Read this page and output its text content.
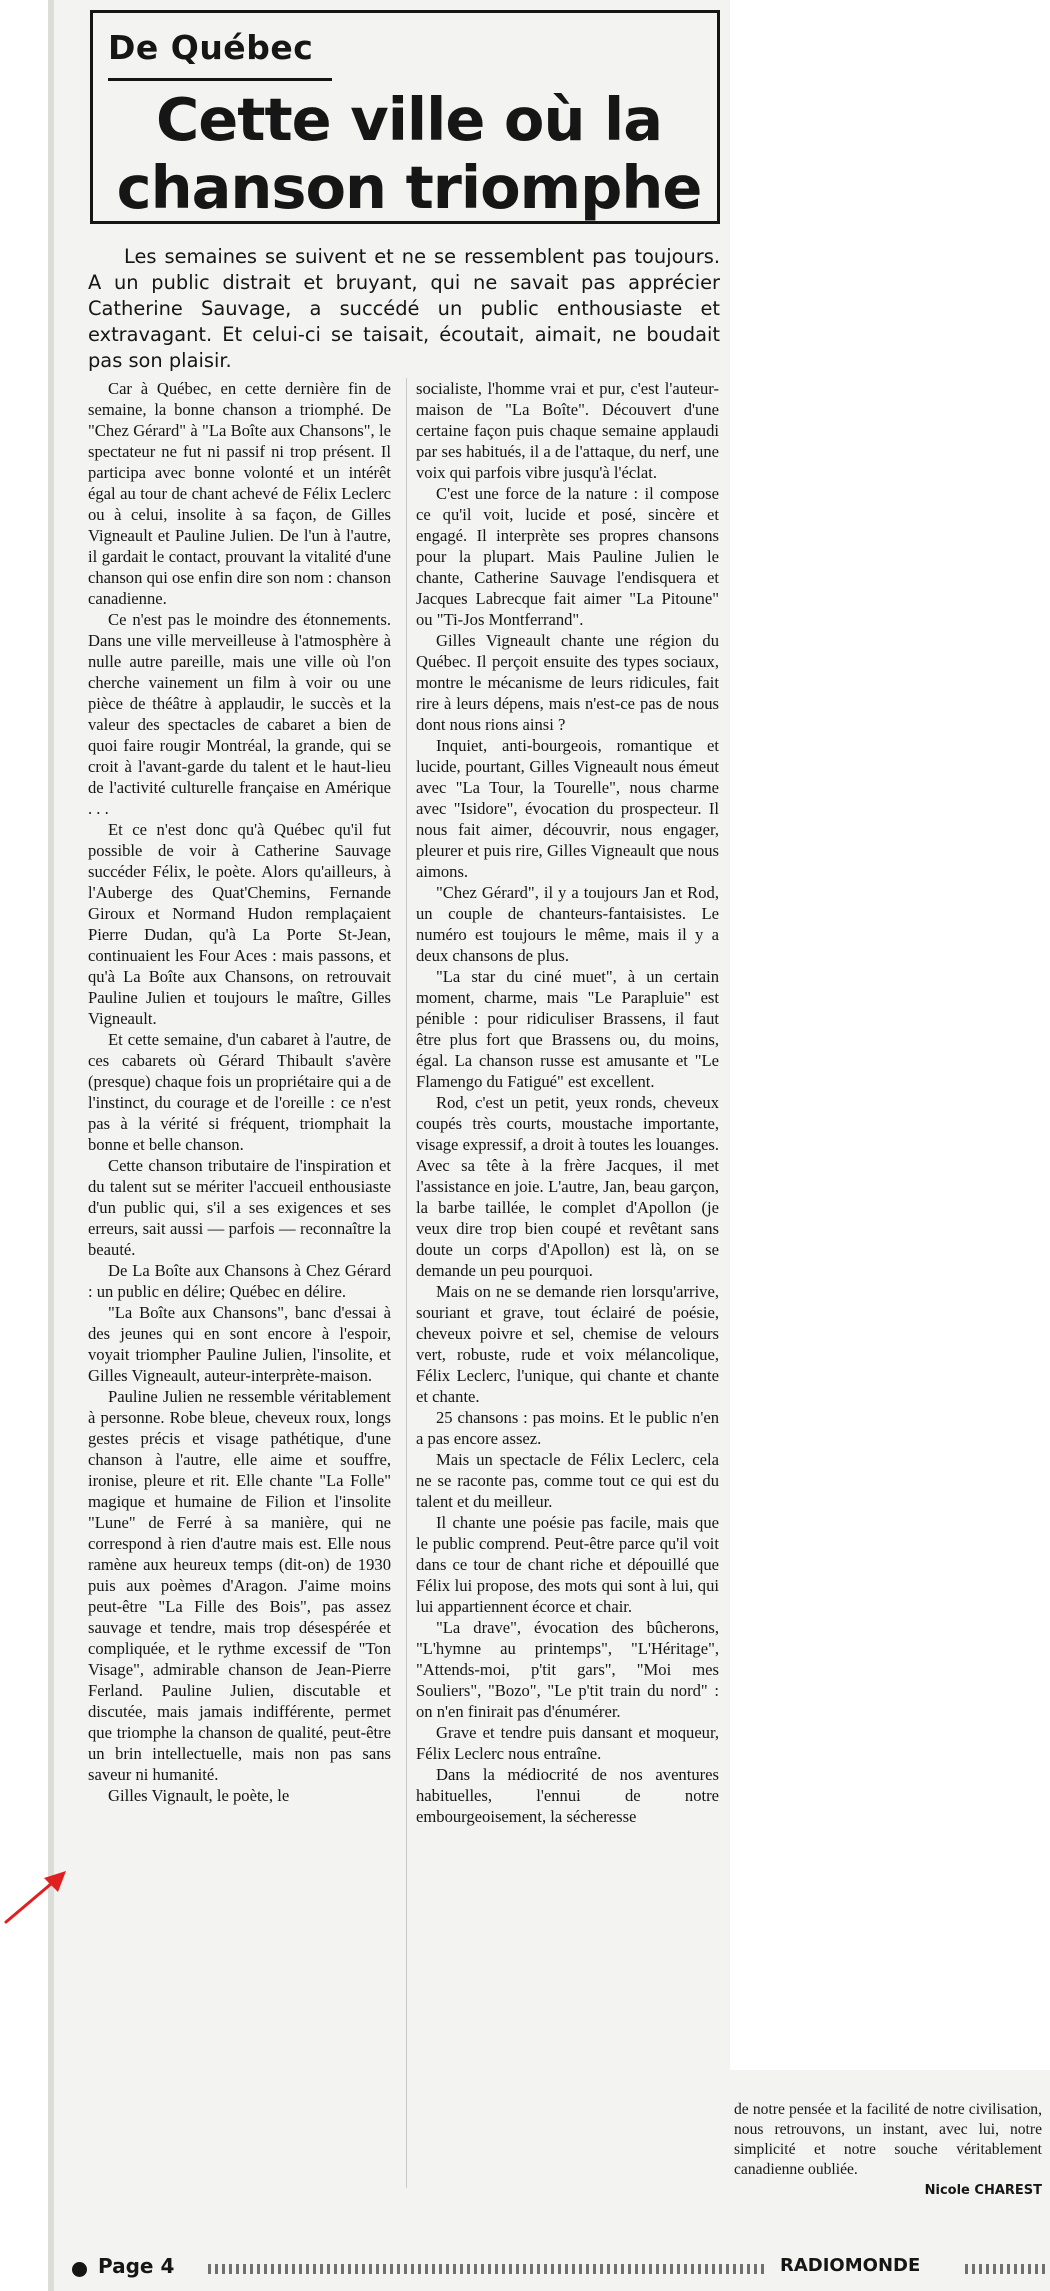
De Québec
Cette ville où la chanson triomphe

Les semaines se suivent et ne se ressemblent pas toujours. A un public distrait et bruyant, qui ne savait pas apprécier Catherine Sauvage, a succédé un public enthousiaste et extravagant. Et celui-ci se taisait, écoutait, aimait, ne boudait pas son plaisir.

Car à Québec, en cette dernière fin de semaine, la bonne chanson a triomphé. De "Chez Gérard" à "La Boîte aux Chansons", le spectateur ne fut ni passif ni trop présent. Il participa avec bonne volonté et un intérêt égal au tour de chant achevé de Félix Leclerc ou à celui, insolite à sa façon, de Gilles Vigneault et Pauline Julien. De l'un à l'autre, il gardait le contact, prouvant la vitalité d'une chanson qui ose enfin dire son nom : chanson canadienne.

Ce n'est pas le moindre des étonnements. Dans une ville merveilleuse à l'atmosphère à nulle autre pareille, mais une ville où l'on cherche vainement un film à voir ou une pièce de théâtre à applaudir, le succès et la valeur des spectacles de cabaret a bien de quoi faire rougir Montréal, la grande, qui se croit à l'avant-garde du talent et le haut-lieu de l'activité culturelle française en Amérique . . .

Et ce n'est donc qu'à Québec qu'il fut possible de voir à Catherine Sauvage succéder Félix, le poète. Alors qu'ailleurs, à l'Auberge des Quat'Chemins, Fernande Giroux et Normand Hudon remplaçaient Pierre Dudan, qu'à La Porte St-Jean, continuaient les Four Aces : mais passons, et qu'à La Boîte aux Chansons, on retrouvait Pauline Julien et toujours le maître, Gilles Vigneault.

Et cette semaine, d'un cabaret à l'autre, de ces cabarets où Gérard Thibault s'avère (presque) chaque fois un propriétaire qui a de l'instinct, du courage et de l'oreille : ce n'est pas à la vérité si fréquent, triomphait la bonne et belle chanson.

Cette chanson tributaire de l'inspiration et du talent sut se mériter l'accueil enthousiaste d'un public qui, s'il a ses exigences et ses erreurs, sait aussi — parfois — reconnaître la beauté.

De La Boîte aux Chansons à Chez Gérard : un public en délire; Québec en délire.

"La Boîte aux Chansons", banc d'essai à des jeunes qui en sont encore à l'espoir, voyait triompher Pauline Julien, l'insolite, et Gilles Vigneault, auteur-interprète-maison.

Pauline Julien ne ressemble véritablement à personne. Robe bleue, cheveux roux, longs gestes précis et visage pathétique, d'une chanson à l'autre, elle aime et souffre, ironise, pleure et rit. Elle chante "La Folle" magique et humaine de Filion et l'insolite "Lune" de Ferré à sa manière, qui ne correspond à rien d'autre mais est. Elle nous ramène aux heureux temps (dit-on) de 1930 puis aux poèmes d'Aragon. J'aime moins peut-être "La Fille des Bois", pas assez sauvage et tendre, mais trop désespérée et compliquée, et le rythme excessif de "Ton Visage", admirable chanson de Jean-Pierre Ferland. Pauline Julien, discutable et discutée, mais jamais indifférente, permet que triomphe la chanson de qualité, peut-être un brin intellectuelle, mais non pas sans saveur ni humanité.

Gilles Vignault, le poète, le

socialiste, l'homme vrai et pur, c'est l'auteur-maison de "La Boîte". Découvert d'une certaine façon puis chaque semaine applaudi par ses habitués, il a de l'attaque, du nerf, une voix qui parfois vibre jusqu'à l'éclat.

C'est une force de la nature : il compose ce qu'il voit, lucide et posé, sincère et engagé. Il interprète ses propres chansons pour la plupart. Mais Pauline Julien le chante, Catherine Sauvage l'endisquera et Jacques Labrecque fait aimer "La Pitoune" ou "Ti-Jos Montferrand".

Gilles Vigneault chante une région du Québec. Il perçoit ensuite des types sociaux, montre le mécanisme de leurs ridicules, fait rire à leurs dépens, mais n'est-ce pas de nous dont nous rions ainsi ?

Inquiet, anti-bourgeois, romantique et lucide, pourtant, Gilles Vigneault nous émeut avec "La Tour, la Tourelle", nous charme avec "Isidore", évocation du prospecteur. Il nous fait aimer, découvrir, nous engager, pleurer et puis rire, Gilles Vigneault que nous aimons.

"Chez Gérard", il y a toujours Jan et Rod, un couple de chanteurs-fantaisistes. Le numéro est toujours le même, mais il y a deux chansons de plus.

"La star du ciné muet", à un certain moment, charme, mais "Le Parapluie" est pénible : pour ridiculiser Brassens, il faut être plus fort que Brassens ou, du moins, égal. La chanson russe est amusante et "Le Flamengo du Fatigué" est excellent.

Rod, c'est un petit, yeux ronds, cheveux coupés très courts, moustache importante, visage expressif, a droit à toutes les louanges. Avec sa tête à la frère Jacques, il met l'assistance en joie. L'autre, Jan, beau garçon, la barbe taillée, le complet d'Apollon (je veux dire trop bien coupé et revêtant sans doute un corps d'Apollon) est là, on se demande un peu pourquoi.

Mais on ne se demande rien lorsqu'arrive, souriant et grave, tout éclairé de poésie, cheveux poivre et sel, chemise de velours vert, robuste, rude et voix mélancolique, Félix Leclerc, l'unique, qui chante et chante et chante.

25 chansons : pas moins. Et le public n'en a pas encore assez.

Mais un spectacle de Félix Leclerc, cela ne se raconte pas, comme tout ce qui est du talent et du meilleur.

Il chante une poésie pas facile, mais que le public comprend. Peut-être parce qu'il voit dans ce tour de chant riche et dépouillé que Félix lui propose, des mots qui sont à lui, qui lui appartiennent écorce et chair.

"La drave", évocation des bûcherons, "L'hymne au printemps", "L'Héritage", "Attends-moi, p'tit gars", "Moi mes Souliers", "Bozo", "Le p'tit train du nord" : on n'en finirait pas d'énumérer.

Grave et tendre puis dansant et moqueur, Félix Leclerc nous entraîne.

Dans la médiocrité de nos aventures habituelles, l'ennui de notre embourgeoisement, la sécheresse

de notre pensée et la facilité de notre civilisation, nous retrouvons, un instant, avec lui, notre simplicité et notre souche véritablement canadienne oubliée.

Nicole CHAREST
Page 4	RADIOMONDE
